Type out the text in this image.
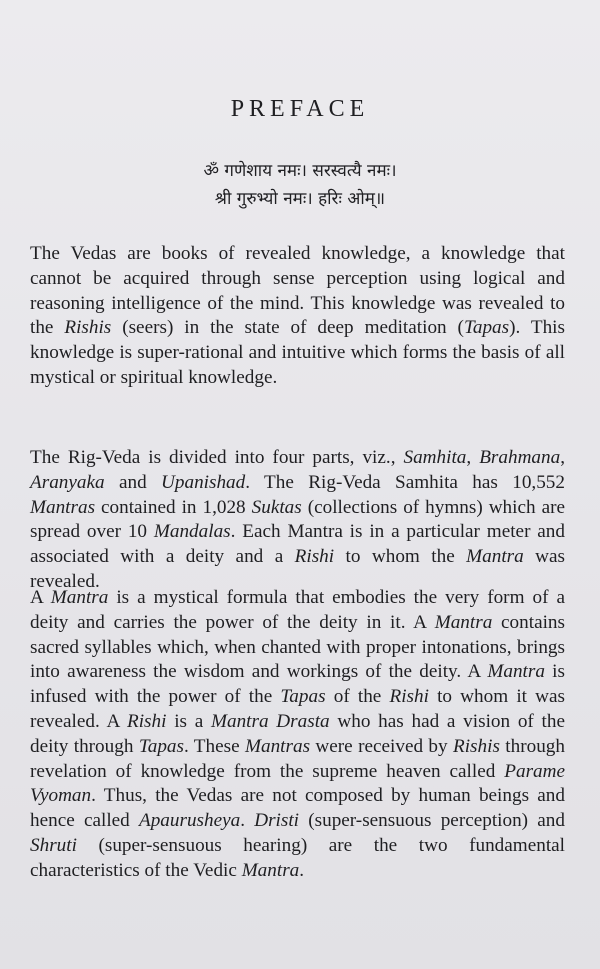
PREFACE

ॐ गणेशाय नमः। सरस्वत्यै नमः।

श्री गुरुभ्यो नमः। हरिः ओम्॥

The Vedas are books of revealed knowledge, a knowledge that cannot be acquired through sense perception using logical and reasoning intelligence of the mind. This knowledge was revealed to the Rishis (seers) in the state of deep meditation (Tapas). This knowledge is super-rational and intuitive which forms the basis of all mystical or spiritual knowledge.

The Rig-Veda is divided into four parts, viz., Samhita, Brahmana, Aranyaka and Upanishad. The Rig-Veda Samhita has 10,552 Mantras contained in 1,028 Suktas (collections of hymns) which are spread over 10 Mandalas. Each Mantra is in a particular meter and associated with a deity and a Rishi to whom the Mantra was revealed.

A Mantra is a mystical formula that embodies the very form of a deity and carries the power of the deity in it. A Mantra contains sacred syllables which, when chanted with proper intonations, brings into awareness the wisdom and workings of the deity. A Mantra is infused with the power of the Tapas of the Rishi to whom it was revealed. A Rishi is a Mantra Drasta who has had a vision of the deity through Tapas. These Mantras were received by Rishis through revelation of knowledge from the supreme heaven called Parame Vyoman. Thus, the Vedas are not composed by human beings and hence called Apaurusheya. Dristi (super-sensuous perception) and Shruti (super-sensuous hearing) are the two fundamental characteristics of the Vedic Mantra.
